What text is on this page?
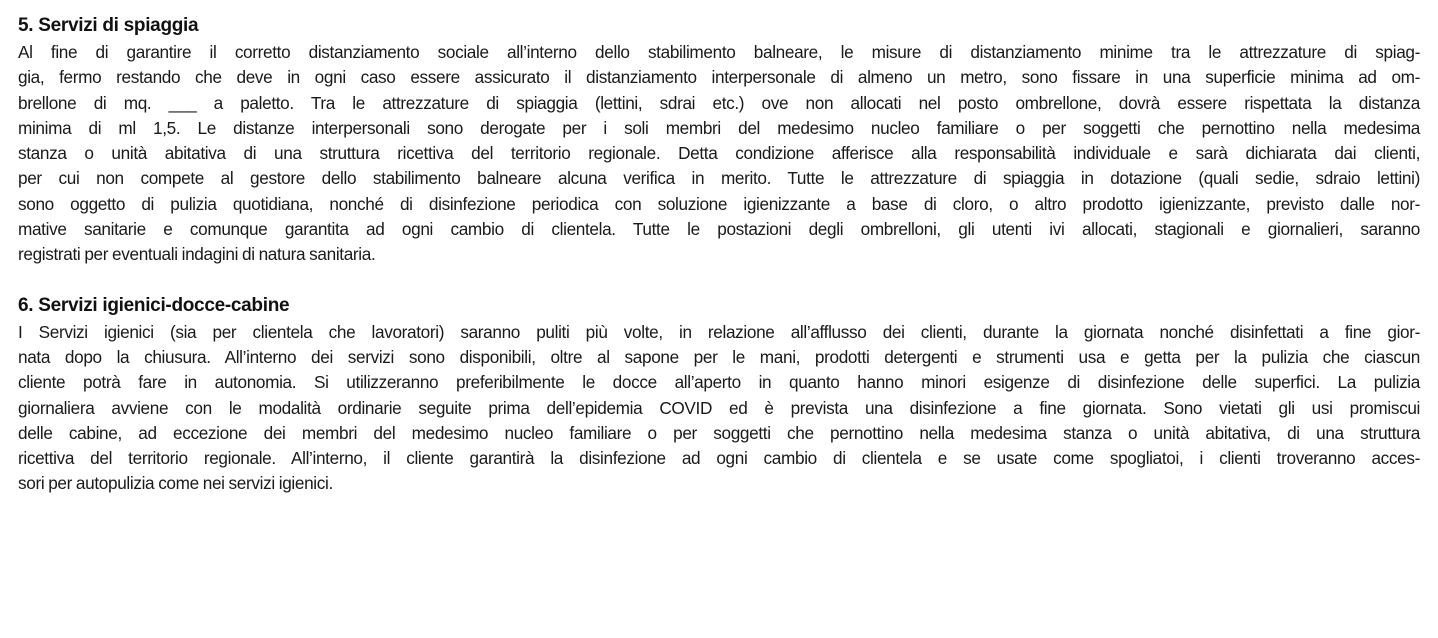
5. Servizi di spiaggia

Al fine di garantire il corretto distanziamento sociale all’interno dello stabilimento balneare, le misure di distanziamento minime tra le attrezzature di spiag-
gia, fermo restando che deve in ogni caso essere assicurato il distanziamento interpersonale di almeno un metro, sono fissare in una superficie minima ad om-
brellone di mq. ___ a paletto. Tra le attrezzature di spiaggia (lettini, sdrai etc.) ove non allocati nel posto ombrellone, dovrà essere rispettata la distanza
minima di ml 1,5. Le distanze interpersonali sono derogate per i soli membri del medesimo nucleo familiare o per soggetti che pernottino nella medesima
stanza o unità abitativa di una struttura ricettiva del territorio regionale. Detta condizione afferisce alla responsabilità individuale e sarà dichiarata dai clienti,
per cui non compete al gestore dello stabilimento balneare alcuna verifica in merito. Tutte le attrezzature di spiaggia in dotazione (quali sedie, sdraio lettini)
sono oggetto di pulizia quotidiana, nonché di disinfezione periodica con soluzione igienizzante a base di cloro, o altro prodotto igienizzante, previsto dalle nor-
mative sanitarie e comunque garantita ad ogni cambio di clientela. Tutte le postazioni degli ombrelloni, gli utenti ivi allocati, stagionali e giornalieri, saranno
registrati per eventuali indagini di natura sanitaria.

6. Servizi igienici-docce-cabine

I Servizi igienici (sia per clientela che lavoratori) saranno puliti più volte, in relazione all’afflusso dei clienti, durante la giornata nonché disinfettati a fine gior-
nata dopo la chiusura. All’interno dei servizi sono disponibili, oltre al sapone per le mani, prodotti detergenti e strumenti usa e getta per la pulizia che ciascun
cliente potrà fare in autonomia. Si utilizzeranno preferibilmente le docce all’aperto in quanto hanno minori esigenze di disinfezione delle superfici. La pulizia
giornaliera avviene con le modalità ordinarie seguite prima dell’epidemia COVID ed è prevista una disinfezione a fine giornata. Sono vietati gli usi promiscui
delle cabine, ad eccezione dei membri del medesimo nucleo familiare o per soggetti che pernottino nella medesima stanza o unità abitativa, di una struttura
ricettiva del territorio regionale. All’interno, il cliente garantirà la disinfezione ad ogni cambio di clientela e se usate come spogliatoi, i clienti troveranno acces-
sori per autopulizia come nei servizi igienici.
